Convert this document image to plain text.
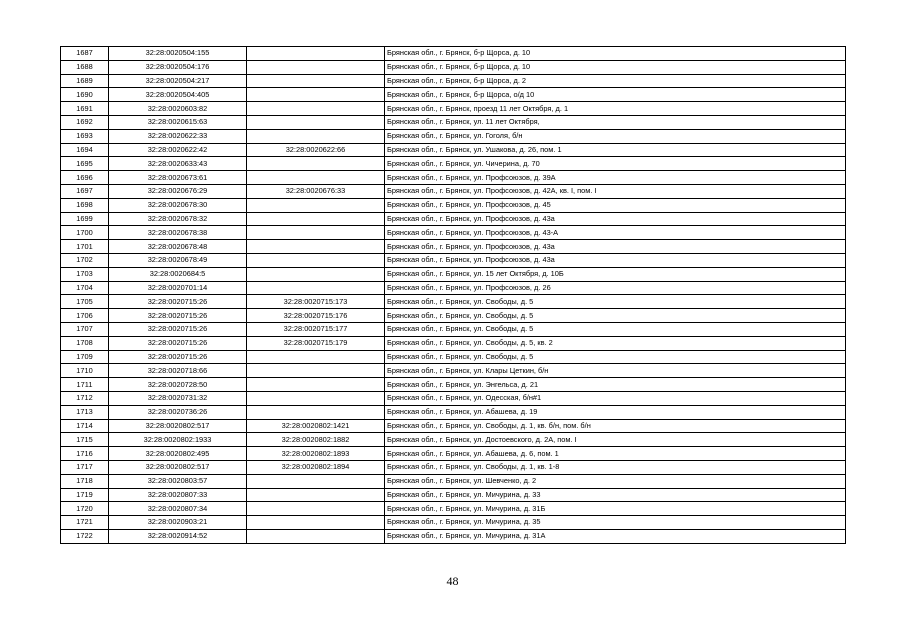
1687	32:28:0020504:155		Брянская обл., г. Брянск, б-р Щорса, д. 10
1688	32:28:0020504:176		Брянская обл., г. Брянск, б-р Щорса, д. 10
1689	32:28:0020504:217		Брянская обл., г. Брянск, б-р Щорса, д. 2
1690	32:28:0020504:405		Брянская обл., г. Брянск, б-р Щорса, о/д 10
1691	32:28:0020603:82		Брянская обл., г. Брянск, проезд 11 лет Октября, д. 1
1692	32:28:0020615:63		Брянская обл., г. Брянск, ул. 11 лет Октября,
1693	32:28:0020622:33		Брянская обл., г. Брянск, ул. Гоголя, б/н
1694	32:28:0020622:42	32:28:0020622:66	Брянская обл., г. Брянск, ул. Ушакова, д. 26, пом. 1
1695	32:28:0020633:43		Брянская обл., г. Брянск, ул. Чичерина, д. 70
1696	32:28:0020673:61		Брянская обл., г. Брянск, ул. Профсоюзов, д. 39А
1697	32:28:0020676:29	32:28:0020676:33	Брянская обл., г. Брянск, ул. Профсоюзов, д. 42А, кв. I, пом. I
1698	32:28:0020678:30		Брянская обл., г. Брянск, ул. Профсоюзов, д. 45
1699	32:28:0020678:32		Брянская обл., г. Брянск, ул. Профсоюзов, д. 43а
1700	32:28:0020678:38		Брянская обл., г. Брянск, ул. Профсоюзов, д. 43-А
1701	32:28:0020678:48		Брянская обл., г. Брянск, ул. Профсоюзов, д. 43а
1702	32:28:0020678:49		Брянская обл., г. Брянск, ул. Профсоюзов, д. 43а
1703	32:28:0020684:5		Брянская обл., г. Брянск, ул. 15 лет Октября, д. 10Б
1704	32:28:0020701:14		Брянская обл., г. Брянск, ул. Профсоюзов, д. 26
1705	32:28:0020715:26	32:28:0020715:173	Брянская обл., г. Брянск, ул. Свободы, д. 5
1706	32:28:0020715:26	32:28:0020715:176	Брянская обл., г. Брянск, ул. Свободы, д. 5
1707	32:28:0020715:26	32:28:0020715:177	Брянская обл., г. Брянск, ул. Свободы, д. 5
1708	32:28:0020715:26	32:28:0020715:179	Брянская обл., г. Брянск, ул. Свободы, д. 5, кв. 2
1709	32:28:0020715:26		Брянская обл., г. Брянск, ул. Свободы, д. 5
1710	32:28:0020718:66		Брянская обл., г. Брянск, ул. Клары Цеткин, б/н
1711	32:28:0020728:50		Брянская обл., г. Брянск, ул. Энгельса, д. 21
1712	32:28:0020731:32		Брянская обл., г. Брянск, ул. Одесская, б/н#1
1713	32:28:0020736:26		Брянская обл., г. Брянск, ул. Абашева, д. 19
1714	32:28:0020802:517	32:28:0020802:1421	Брянская обл., г. Брянск, ул. Свободы, д. 1, кв. б/н, пом. б/н
1715	32:28:0020802:1933	32:28:0020802:1882	Брянская обл., г. Брянск, ул. Достоевского, д. 2А, пом. I
1716	32:28:0020802:495	32:28:0020802:1893	Брянская обл., г. Брянск, ул. Абашева, д. 6, пом. 1
1717	32:28:0020802:517	32:28:0020802:1894	Брянская обл., г. Брянск, ул. Свободы, д. 1, кв. 1-8
1718	32:28:0020803:57		Брянская обл., г. Брянск, ул. Шевченко, д. 2
1719	32:28:0020807:33		Брянская обл., г. Брянск, ул. Мичурина, д. 33
1720	32:28:0020807:34		Брянская обл., г. Брянск, ул. Мичурина, д. 31Б
1721	32:28:0020903:21		Брянская обл., г. Брянск, ул. Мичурина, д. 35
1722	32:28:0020914:52		Брянская обл., г. Брянск, ул. Мичурина, д. 31А
48
